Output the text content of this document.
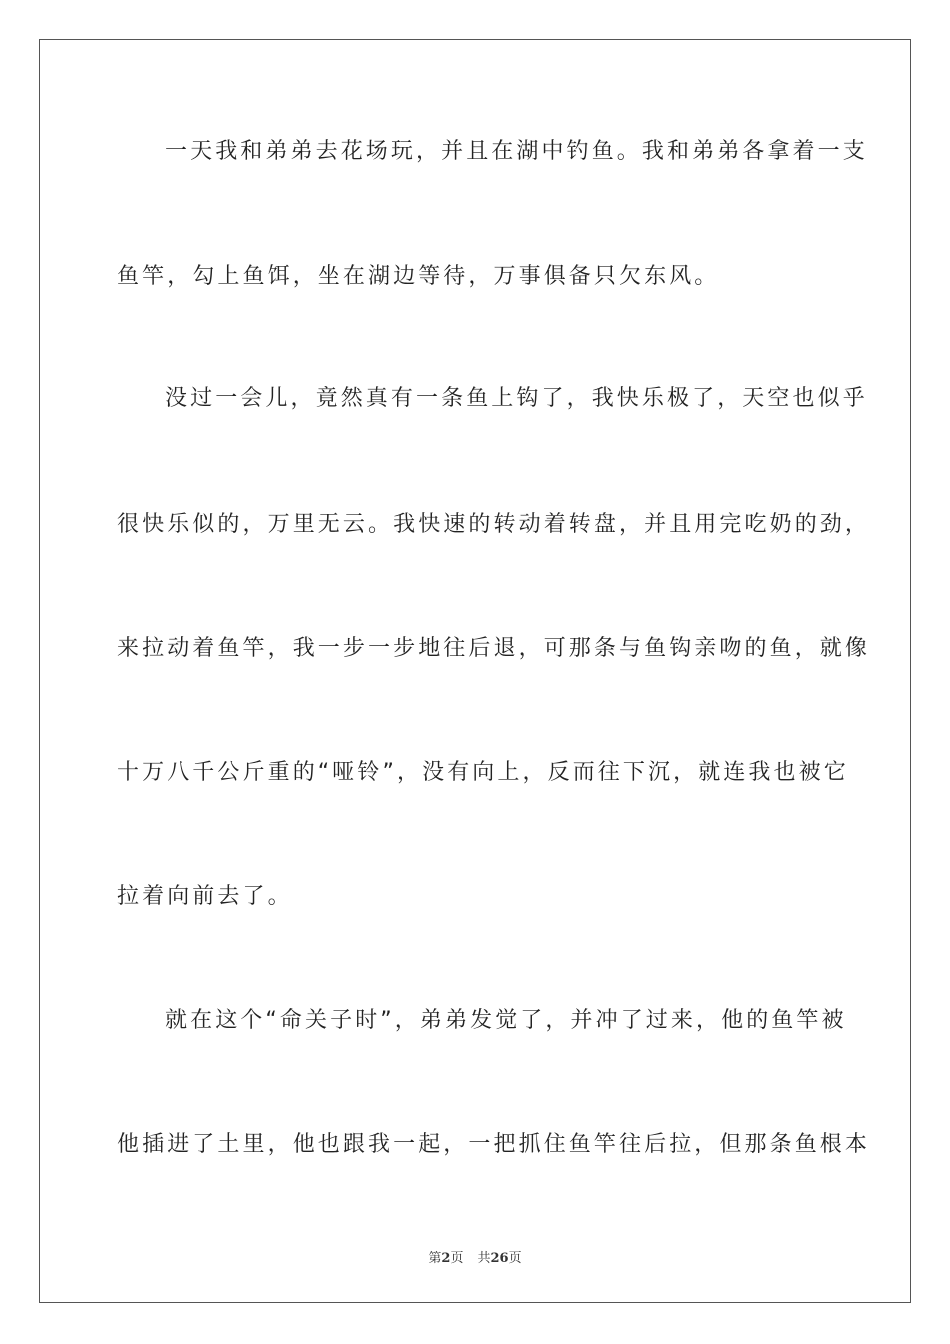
一天我和弟弟去花场玩，并且在湖中钓鱼。我和弟弟各拿着一支
鱼竿，勾上鱼饵，坐在湖边等待，万事俱备只欠东风。
没过一会儿，竟然真有一条鱼上钩了，我快乐极了，天空也似乎
很快乐似的，万里无云。我快速的转动着转盘，并且用完吃奶的劲，
来拉动着鱼竿，我一步一步地往后退，可那条与鱼钩亲吻的鱼，就像
十万八千公斤重的“哑铃”，没有向上，反而往下沉，就连我也被它
拉着向前去了。
就在这个“命关子时”，弟弟发觉了，并冲了过来，他的鱼竿被
他插进了土里，他也跟我一起，一把抓住鱼竿往后拉，但那条鱼根本
第2页 共26页
